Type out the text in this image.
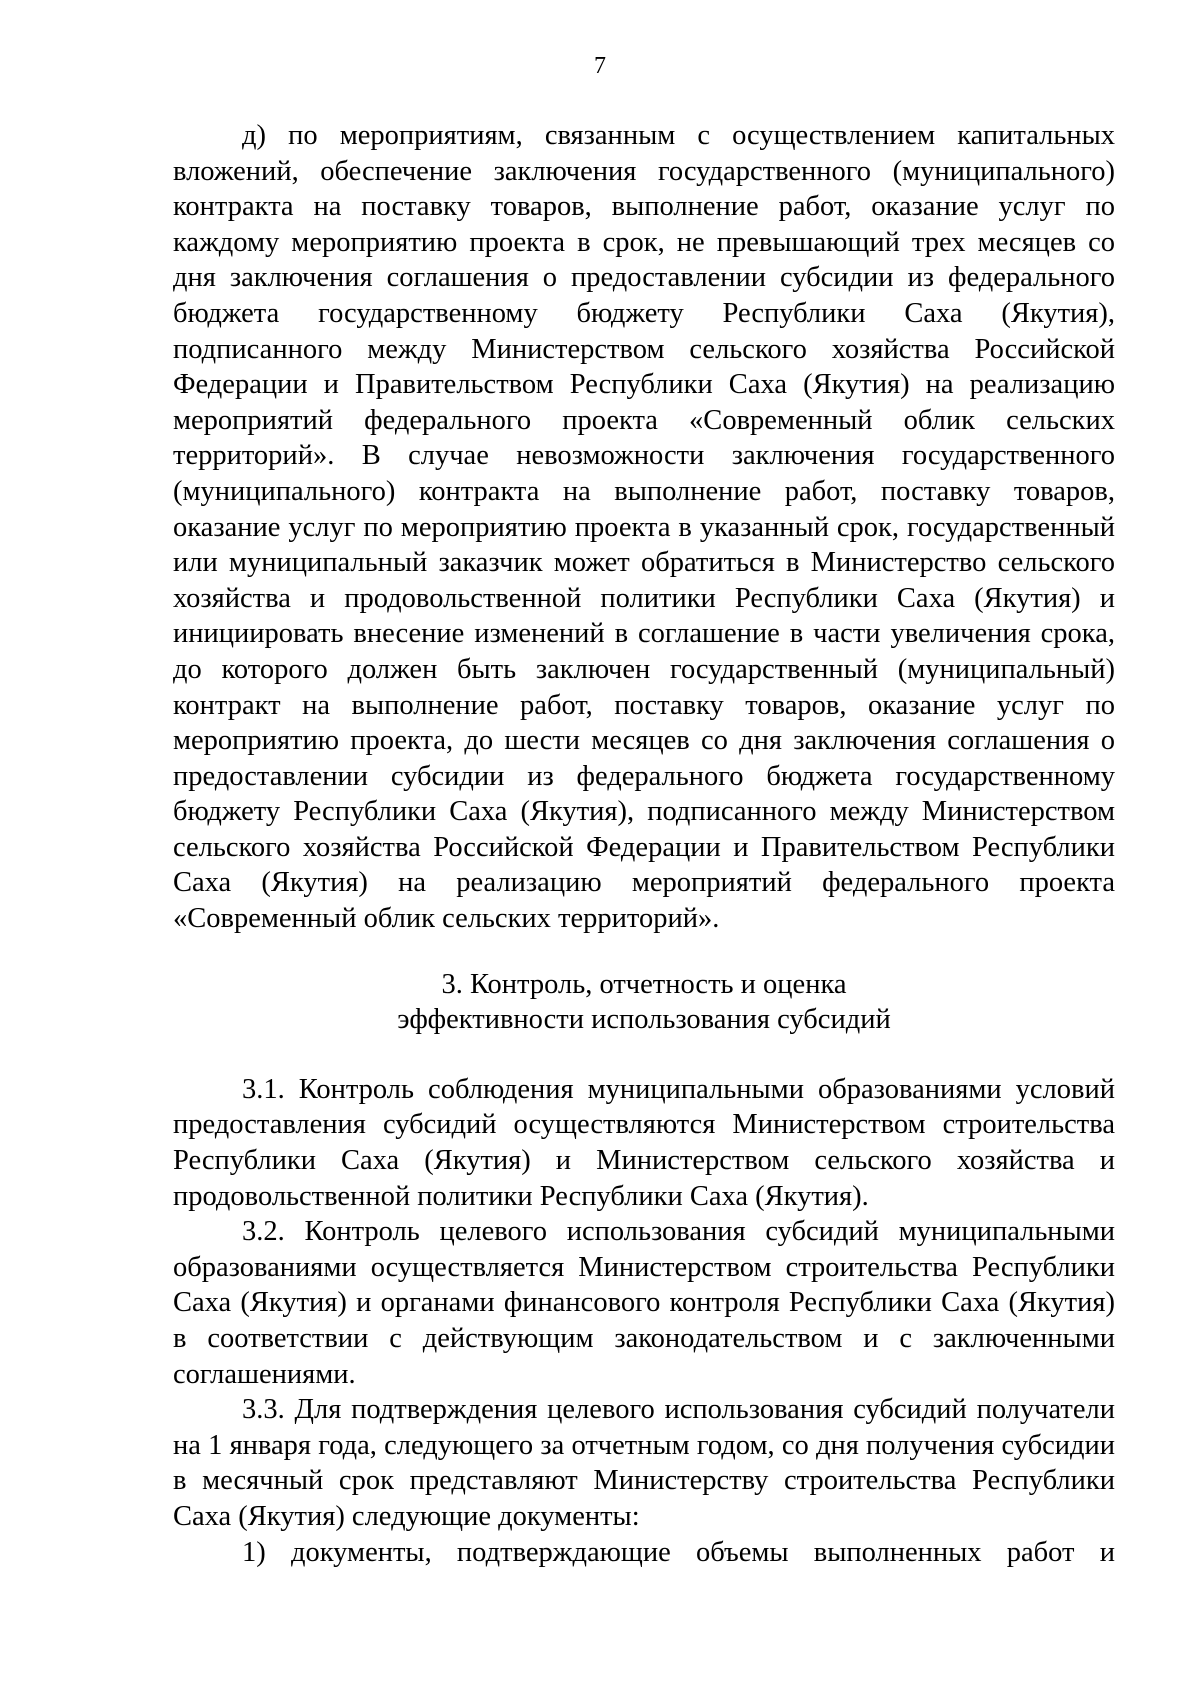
7

д) по мероприятиям, связанным с осуществлением капитальных вложений, обеспечение заключения государственного (муниципального) контракта на поставку товаров, выполнение работ, оказание услуг по каждому мероприятию проекта в срок, не превышающий трех месяцев со дня заключения соглашения о предоставлении субсидии из федерального бюджета государственному бюджету Республики Саха (Якутия), подписанного между Министерством сельского хозяйства Российской Федерации и Правительством Республики Саха (Якутия) на реализацию мероприятий федерального проекта «Современный облик сельских территорий». В случае невозможности заключения государственного (муниципального) контракта на выполнение работ, поставку товаров, оказание услуг по мероприятию проекта в указанный срок, государственный или муниципальный заказчик может обратиться в Министерство сельского хозяйства и продовольственной политики Республики Саха (Якутия) и инициировать внесение изменений в соглашение в части увеличения срока, до которого должен быть заключен государственный (муниципальный) контракт на выполнение работ, поставку товаров, оказание услуг по мероприятию проекта, до шести месяцев со дня заключения соглашения о предоставлении субсидии из федерального бюджета государственному бюджету Республики Саха (Якутия), подписанного между Министерством сельского хозяйства Российской Федерации и Правительством Республики Саха (Якутия) на реализацию мероприятий федерального проекта «Современный облик сельских территорий».

3. Контроль, отчетность и оценка
эффективности использования субсидий

3.1. Контроль соблюдения муниципальными образованиями условий предоставления субсидий осуществляются Министерством строительства Республики Саха (Якутия) и Министерством сельского хозяйства и продовольственной политики Республики Саха (Якутия).

3.2. Контроль целевого использования субсидий муниципальными образованиями осуществляется Министерством строительства Республики Саха (Якутия) и органами финансового контроля Республики Саха (Якутия) в соответствии с действующим законодательством и с заключенными соглашениями.

3.3. Для подтверждения целевого использования субсидий получатели на 1 января года, следующего за отчетным годом, со дня получения субсидии в месячный срок представляют Министерству строительства Республики Саха (Якутия) следующие документы:

1) документы, подтверждающие объемы выполненных работ и
